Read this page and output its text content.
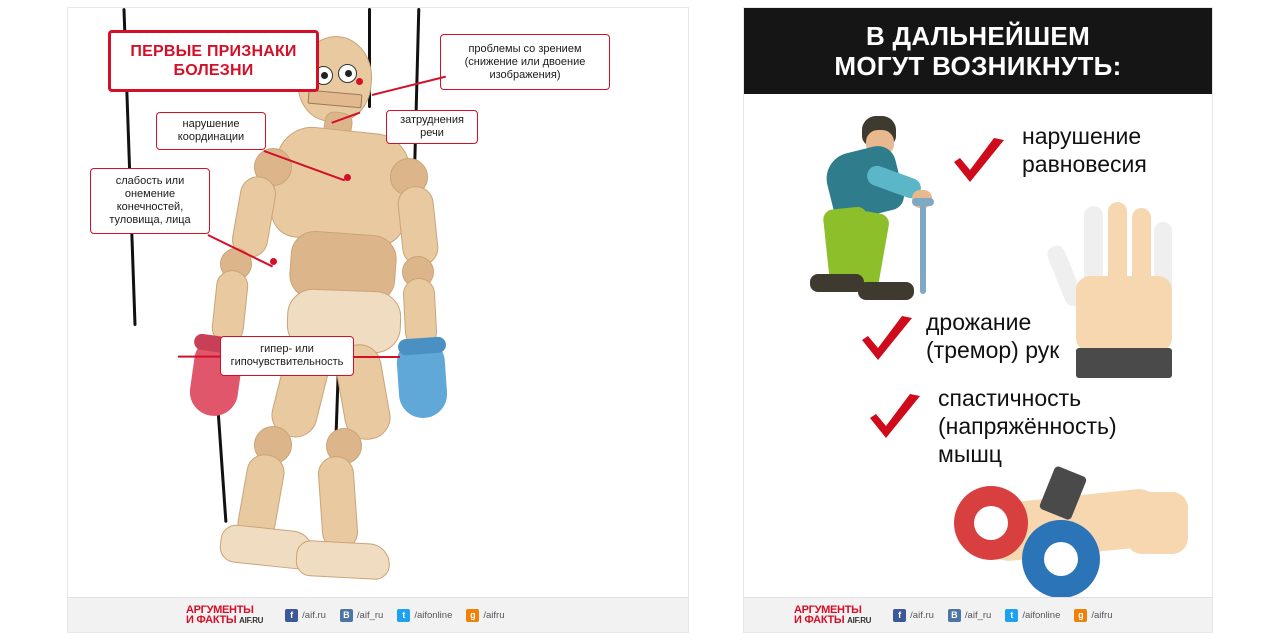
ПЕРВЫЕ ПРИЗНАКИ БОЛЕЗНИ
проблемы со зрением (снижение или двоение изображения)
нарушение координации
затруднения речи
слабость или онемение конечностей, туловища, лица
гипер- или гипочувствительность
АРГУМЕНТЫ
И ФАКТЫ AIF.RU	f /aif.ru	B /aif_ru	t /aifonline	g /aifru
В ДАЛЬНЕЙШЕМ
МОГУТ ВОЗНИКНУТЬ:
нарушение равновесия
дрожание (тремор) рук
спастичность (напряжённость) мышц
АРГУМЕНТЫ
И ФАКТЫ AIF.RU	f /aif.ru	B /aif_ru	t /aifonline	g /aifru
